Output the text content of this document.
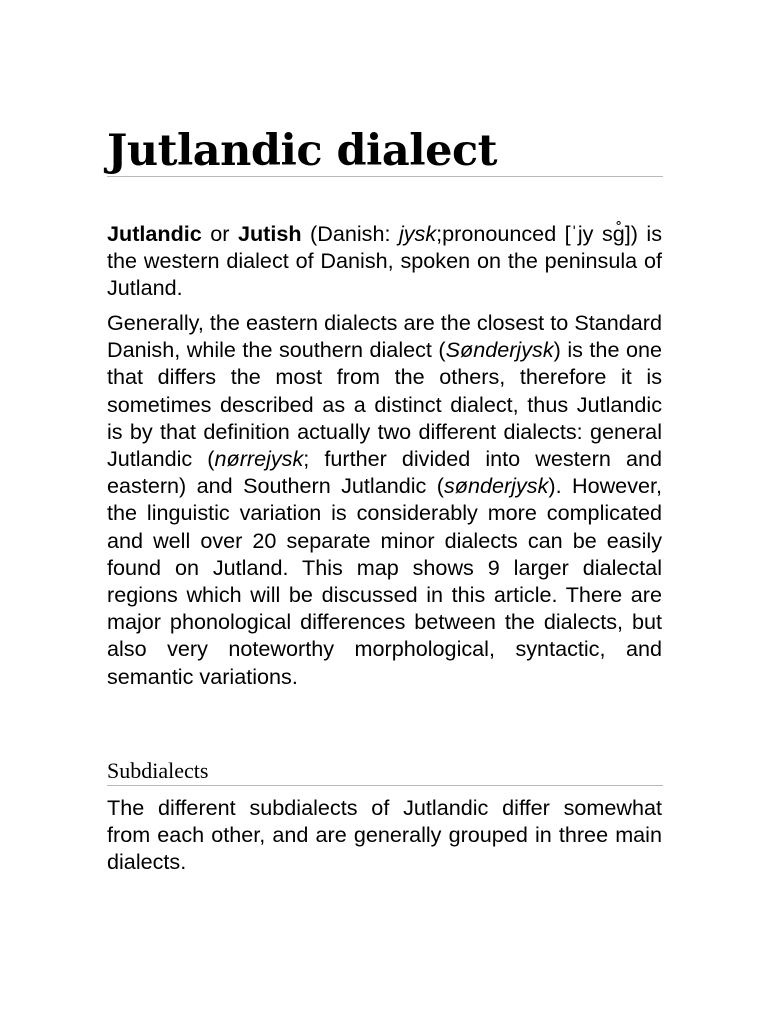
Jutlandic dialect

Jutlandic or Jutish (Danish: jysk;pronounced [ˈjy sɡ̊]) is the western dialect of Danish, spoken on the peninsula of Jutland.

Generally, the eastern dialects are the closest to Standard Danish, while the southern dialect (Sønderjysk) is the one that differs the most from the others, therefore it is sometimes described as a distinct dialect, thus Jutlandic is by that definition actually two different dialects: general Jutlandic (nørrejysk; further divided into western and eastern) and Southern Jutlandic (sønderjysk). However, the linguistic variation is considerably more complicated and well over 20 separate minor dialects can be easily found on Jutland. This map shows 9 larger dialectal regions which will be discussed in this article. There are major phonological differences between the dialects, but also very noteworthy morphological, syntactic, and semantic variations.

Subdialects

The different subdialects of Jutlandic differ somewhat from each other, and are generally grouped in three main dialects.
